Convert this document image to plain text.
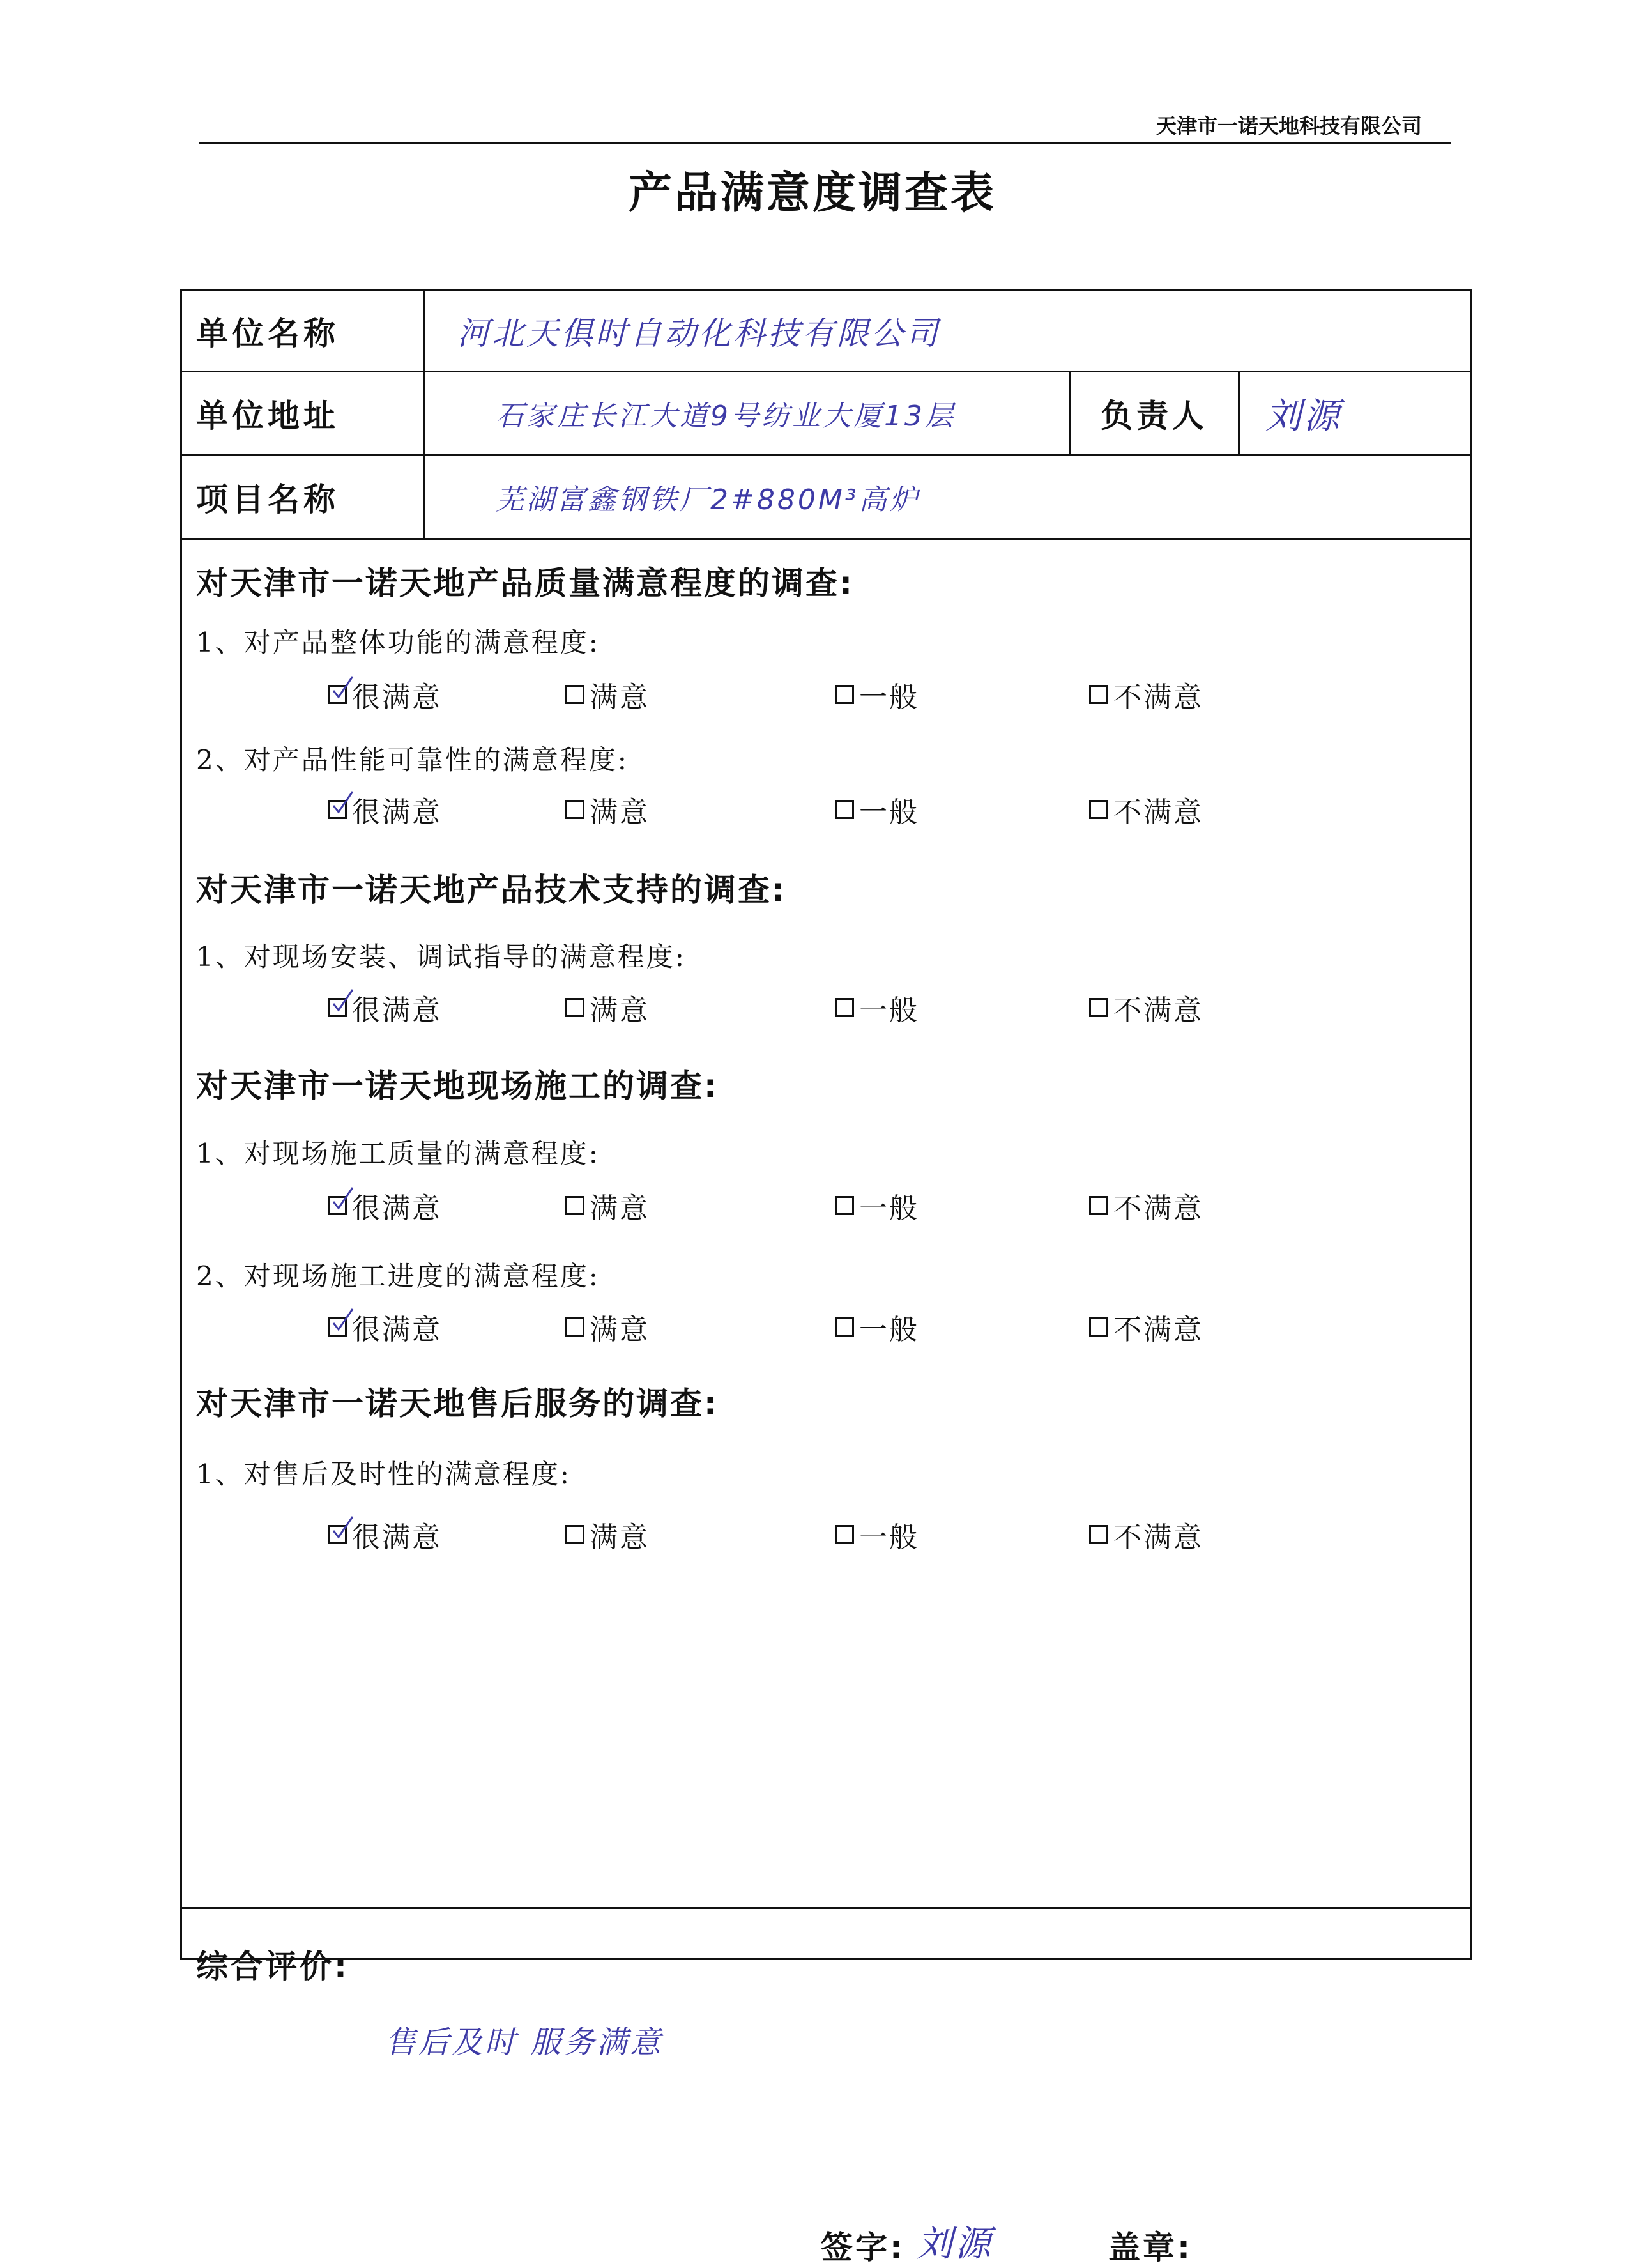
天津市一诺天地科技有限公司
产品满意度调查表
单位名称	河北天俱时自动化科技有限公司
单位地址	石家庄长江大道9号纺业大厦13层	负责人	刘源
项目名称	芜湖富鑫钢铁厂2#880M³高炉
对天津市一诺天地产品质量满意程度的调查:
1、对产品整体功能的满意程度:
很满意	满意	一般	不满意
2、对产品性能可靠性的满意程度:
很满意	满意	一般	不满意
对天津市一诺天地产品技术支持的调查:
1、对现场安装、调试指导的满意程度:
很满意	满意	一般	不满意
对天津市一诺天地现场施工的调查:
1、对现场施工质量的满意程度:
很满意	满意	一般	不满意
2、对现场施工进度的满意程度:
很满意	满意	一般	不满意
对天津市一诺天地售后服务的调查:
1、对售后及时性的满意程度:
很满意	满意	一般	不满意
综合评价:
售后及时 服务满意
签字: 刘源	盖章:
